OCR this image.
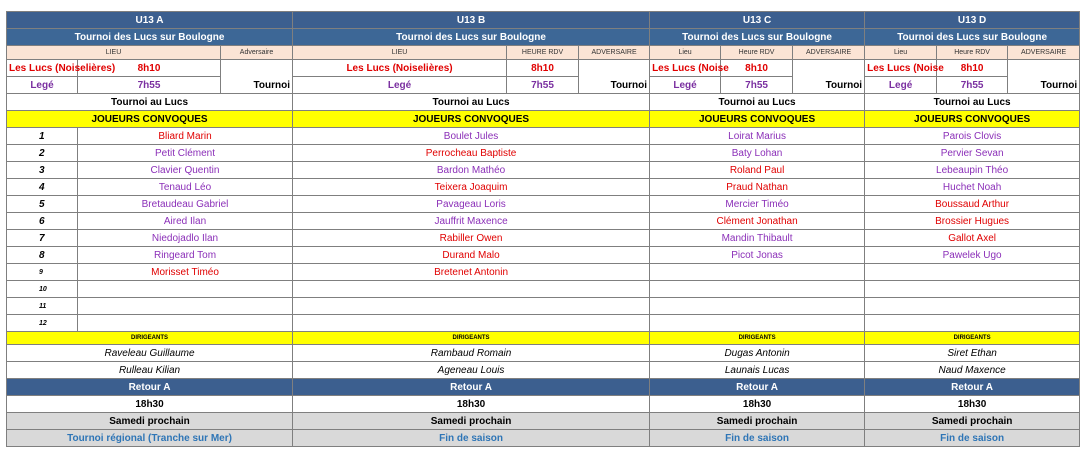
U13 A			U13 B			U13 C			U13 D		
Tournoi des Lucs sur Boulogne			Tournoi des Lucs sur Boulogne			Tournoi des Lucs sur Boulogne			Tournoi des Lucs sur Boulogne		
LIEU		Adversaire	LIEU	HEURE RDV	ADVERSAIRE	Lieu	Heure RDV	ADVERSAIRE	Lieu	Heure RDV	ADVERSAIRE
Les Lucs (Noiselières)	8h10	Tournoi	Les Lucs (Noiselières)	8h10	Tournoi	Les Lucs (Noise	8h10	Tournoi	Les Lucs (Noise	8h10	Tournoi
Legé	7h55		Legé	7h55		Legé	7h55		Legé	7h55	
Tournoi au Lucs			Tournoi au Lucs			Tournoi au Lucs			Tournoi au Lucs		
JOUEURS CONVOQUES			JOUEURS CONVOQUES			JOUEURS CONVOQUES			JOUEURS CONVOQUES		
1	Bliard Marin		Boulet Jules			Loirat Marius			Parois Clovis		
2	Petit Clément		Perrocheau Baptiste			Baty Lohan			Pervier Sevan		
3	Clavier Quentin		Bardon Mathéo			Roland Paul			Lebeaupin Théo		
4	Tenaud Léo		Teixera Joaquim			Praud Nathan			Huchet Noah		
5	Bretaudeau Gabriel		Pavageau Loris			Mercier Timéo			Boussaud Arthur		
6	Aired Ilan		Jauffrit Maxence			Clément Jonathan			Brossier Hugues		
7	Niedojadlo Ilan		Rabiller Owen			Mandin Thibault			Gallot Axel		
8	Ringeard Tom		Durand Malo			Picot Jonas			Pawelek Ugo		
9	Morisset Timéo		Bretenet Antonin								
10											
11											
12											
DIRIGEANTS			DIRIGEANTS			DIRIGEANTS			DIRIGEANTS		
Raveleau Guillaume			Rambaud Romain			Dugas Antonin			Siret Ethan		
Rulleau Kilian			Ageneau Louis			Launais Lucas			Naud Maxence		
Retour A			Retour A			Retour A			Retour A		
18h30			18h30			18h30			18h30		
Samedi prochain			Samedi prochain			Samedi prochain			Samedi prochain		
Tournoi régional (Tranche sur Mer)			Fin de saison			Fin de saison			Fin de saison		
